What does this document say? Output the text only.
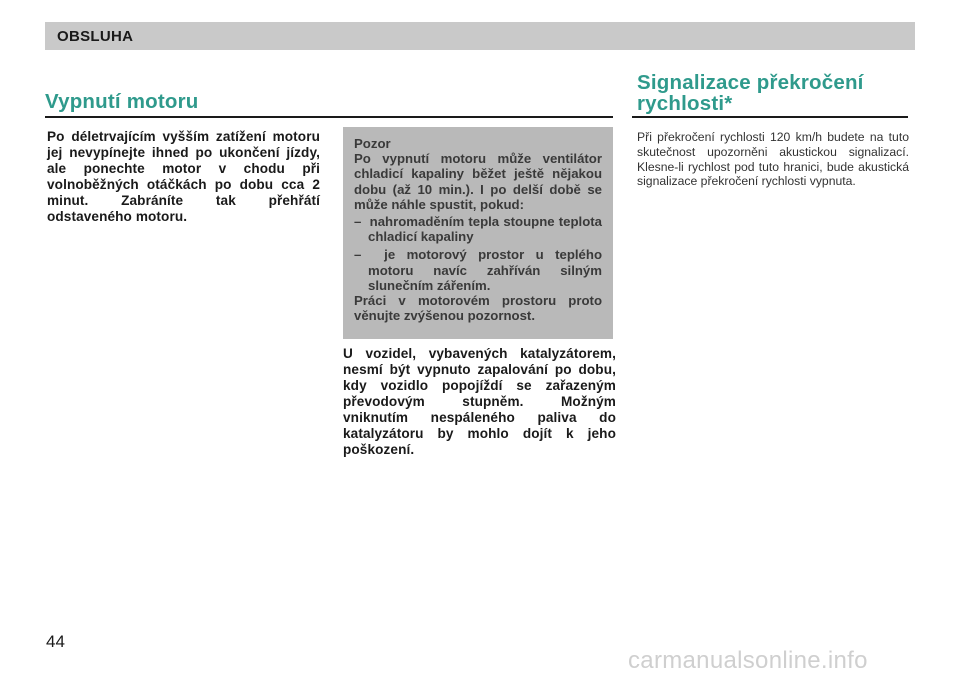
OBSLUHA
Vypnutí motoru
Signalizace překročení
rychlosti*
Po déletrvajícím vyšším zatížení motoru jej nevypínejte ihned po ukončení jízdy, ale ponechte motor v chodu při volnoběžných otáčkách po dobu cca 2 minut. Zabráníte tak přehřátí odstaveného motoru.
Pozor
Po vypnutí motoru může ventilátor chladicí kapaliny běžet ještě nějakou dobu (až 10 min.). I po delší době se může náhle spustit, pokud:
–  nahromaděním tepla stoupne teplota chladicí kapaliny
–  je motorový prostor u teplého motoru navíc zahříván silným slunečním zářením.
Práci v motorovém prostoru proto věnujte zvýšenou pozornost.
U vozidel, vybavených katalyzátorem, nesmí být vypnuto zapalování po dobu, kdy vozidlo popojíždí se zařazeným převodovým stupněm. Možným vniknutím nespáleného paliva do katalyzátoru by mohlo dojít k jeho poškození.
Při překročení rychlosti 120 km/h budete na tuto skutečnost upozorněni akustickou signalizací. Klesne-li rychlost pod tuto hranici, bude akustická signalizace překročení rychlosti vypnuta.
44
carmanualsonline.info
